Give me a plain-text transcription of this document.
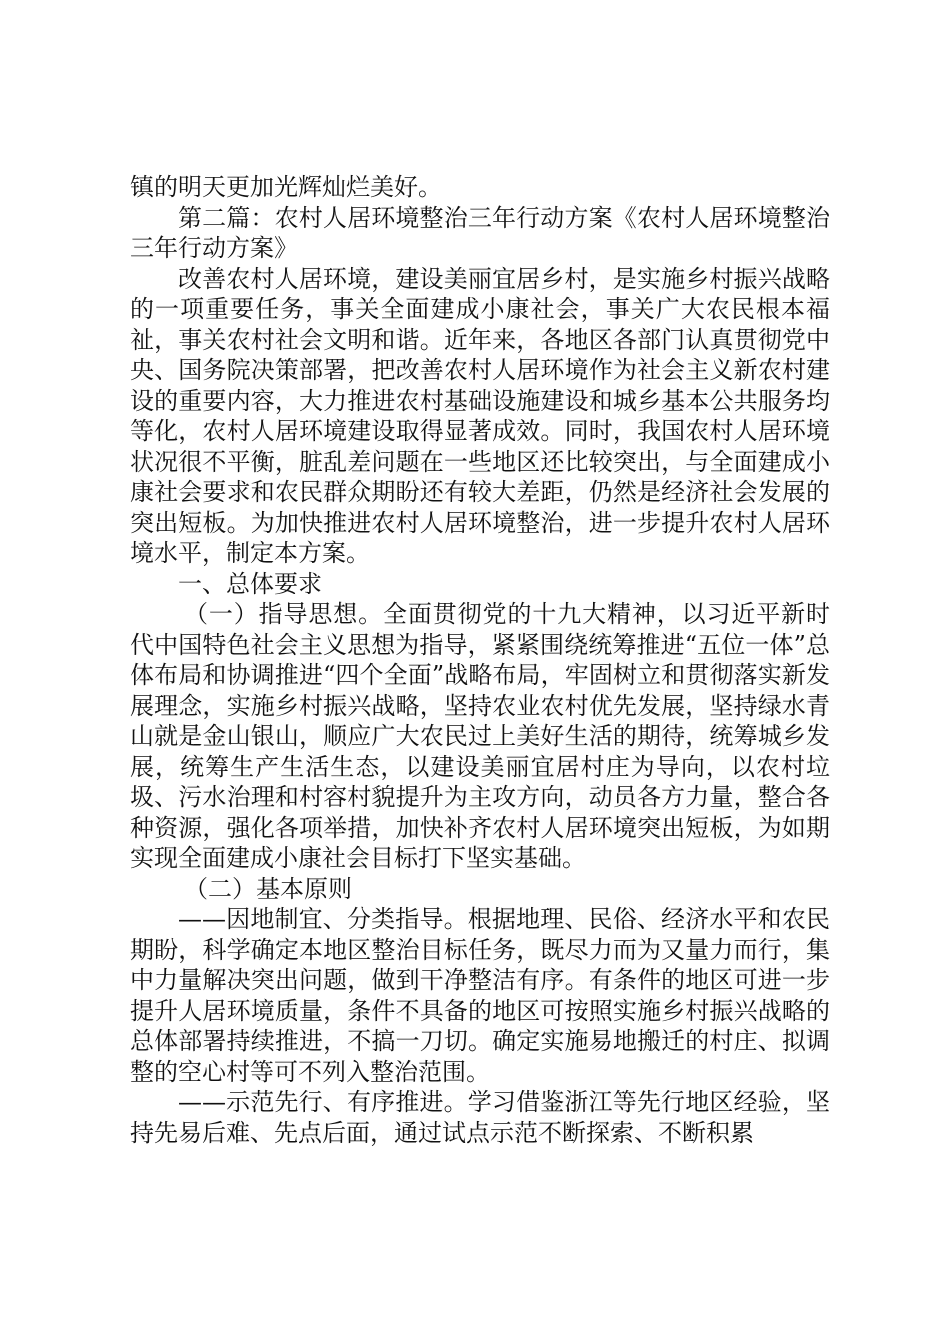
镇的明天更加光辉灿烂美好。

第二篇：农村人居环境整治三年行动方案《农村人居环境整治三年行动方案》

改善农村人居环境，建设美丽宜居乡村，是实施乡村振兴战略的一项重要任务，事关全面建成小康社会，事关广大农民根本福祉，事关农村社会文明和谐。近年来，各地区各部门认真贯彻党中央、国务院决策部署，把改善农村人居环境作为社会主义新农村建设的重要内容，大力推进农村基础设施建设和城乡基本公共服务均等化，农村人居环境建设取得显著成效。同时，我国农村人居环境状况很不平衡，脏乱差问题在一些地区还比较突出，与全面建成小康社会要求和农民群众期盼还有较大差距，仍然是经济社会发展的突出短板。为加快推进农村人居环境整治，进一步提升农村人居环境水平，制定本方案。

一、总体要求

（一）指导思想。全面贯彻党的十九大精神，以习近平新时代中国特色社会主义思想为指导，紧紧围绕统筹推进“五位一体”总体布局和协调推进“四个全面”战略布局，牢固树立和贯彻落实新发展理念，实施乡村振兴战略，坚持农业农村优先发展，坚持绿水青山就是金山银山，顺应广大农民过上美好生活的期待，统筹城乡发展，统筹生产生活生态，以建设美丽宜居村庄为导向，以农村垃圾、污水治理和村容村貌提升为主攻方向，动员各方力量，整合各种资源，强化各项举措，加快补齐农村人居环境突出短板，为如期实现全面建成小康社会目标打下坚实基础。

（二）基本原则

——因地制宜、分类指导。根据地理、民俗、经济水平和农民期盼，科学确定本地区整治目标任务，既尽力而为又量力而行，集中力量解决突出问题，做到干净整洁有序。有条件的地区可进一步提升人居环境质量，条件不具备的地区可按照实施乡村振兴战略的总体部署持续推进，不搞一刀切。确定实施易地搬迁的村庄、拟调整的空心村等可不列入整治范围。

——示范先行、有序推进。学习借鉴浙江等先行地区经验，坚持先易后难、先点后面，通过试点示范不断探索、不断积累
